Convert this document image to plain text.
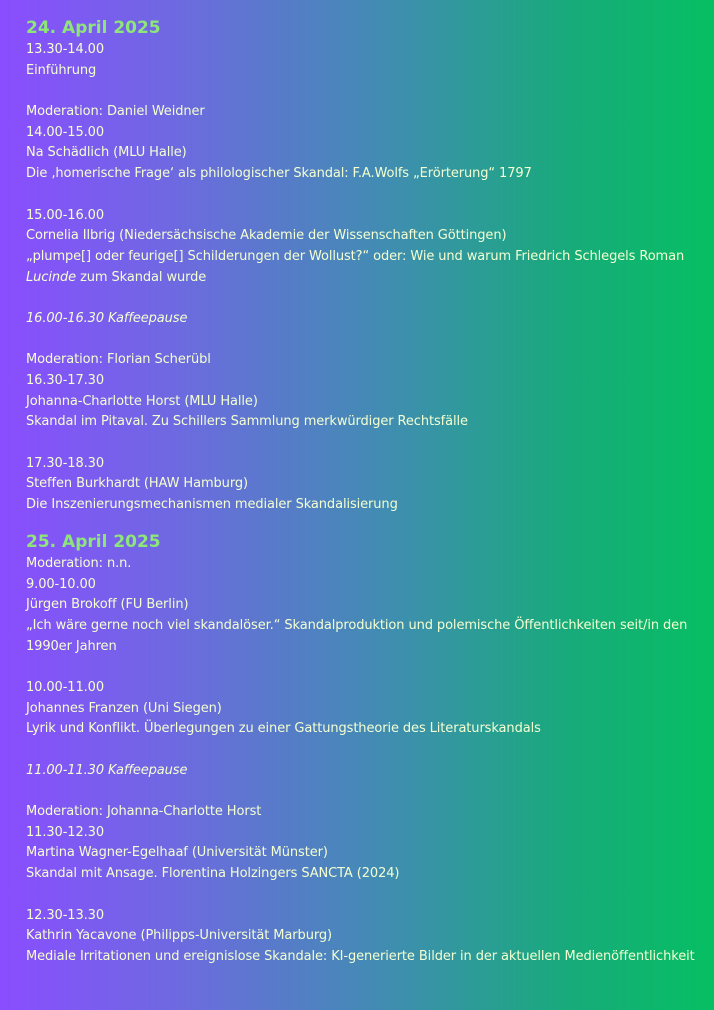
24. April 2025
13.30-14.00
Einführung
Moderation: Daniel Weidner
14.00-15.00
Na Schädlich (MLU Halle)
Die ‚homerische Frage‘ als philologischer Skandal: F.A.Wolfs „Erörterung“ 1797
15.00-16.00
Cornelia Ilbrig (Niedersächsische Akademie der Wissenschaften Göttingen)
„plumpe[] oder feurige[] Schilderungen der Wollust?“ oder: Wie und warum Friedrich Schlegels Roman
Lucinde zum Skandal wurde
16.00-16.30 Kaffeepause
Moderation: Florian Scherübl
16.30-17.30
Johanna-Charlotte Horst (MLU Halle)
Skandal im Pitaval. Zu Schillers Sammlung merkwürdiger Rechtsfälle
17.30-18.30
Steffen Burkhardt (HAW Hamburg)
Die Inszenierungsmechanismen medialer Skandalisierung
25. April 2025
Moderation: n.n.
9.00-10.00
Jürgen Brokoff (FU Berlin)
„Ich wäre gerne noch viel skandalöser.“ Skandalproduktion und polemische Öffentlichkeiten seit/in den
1990er Jahren
10.00-11.00
Johannes Franzen (Uni Siegen)
Lyrik und Konflikt. Überlegungen zu einer Gattungstheorie des Literaturskandals
11.00-11.30 Kaffeepause
Moderation: Johanna-Charlotte Horst
11.30-12.30
Martina Wagner-Egelhaaf (Universität Münster)
Skandal mit Ansage. Florentina Holzingers SANCTA (2024)
12.30-13.30
Kathrin Yacavone (Philipps-Universität Marburg)
Mediale Irritationen und ereignislose Skandale: KI-generierte Bilder in der aktuellen Medienöffentlichkeit
